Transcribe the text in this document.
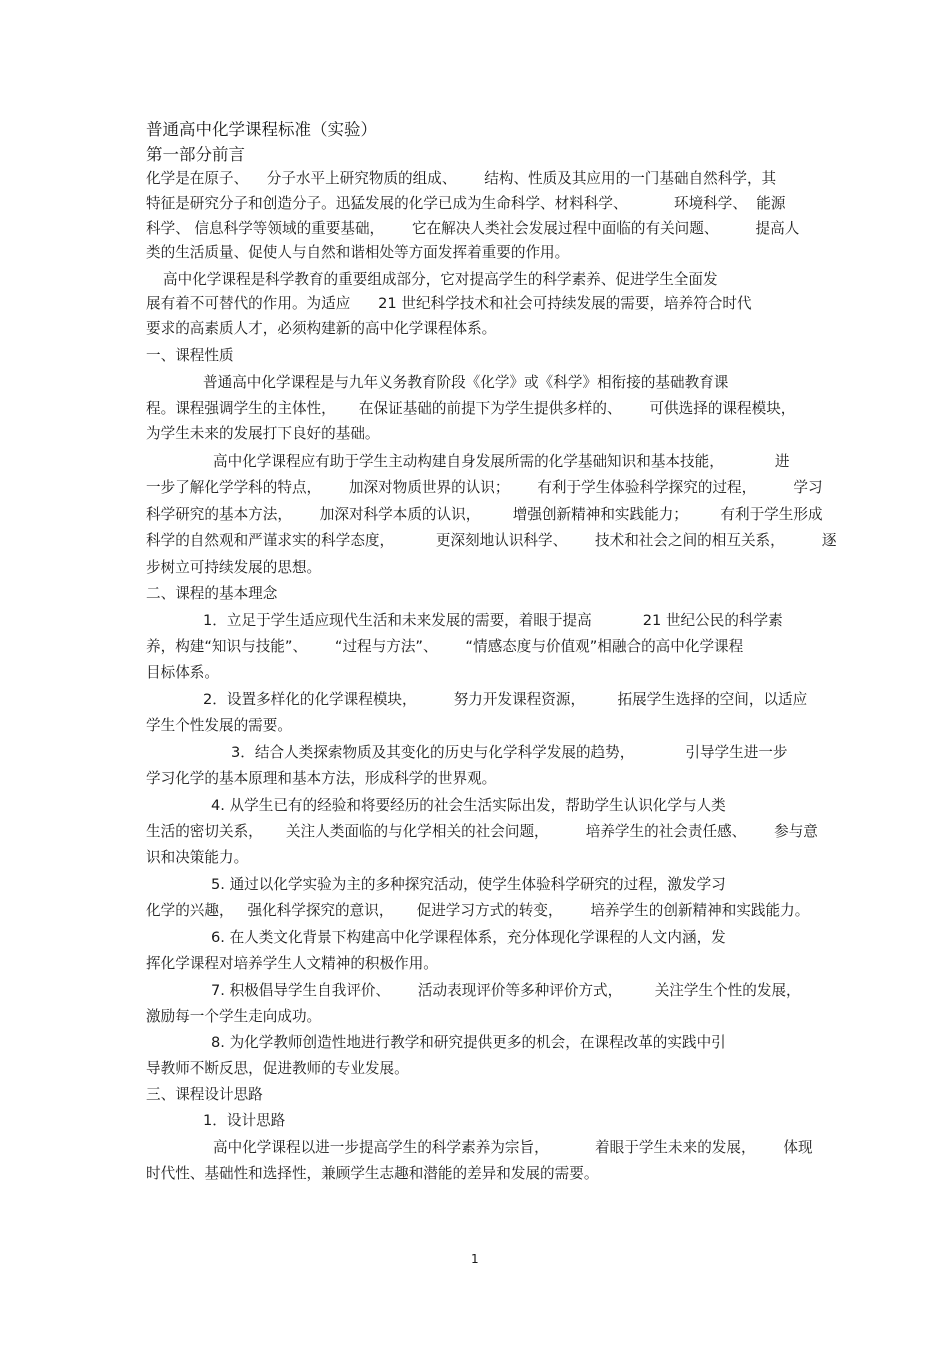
普通高中化学课程标准（实验）
第一部分前言
化学是在原子、    分子水平上研究物质的组成、      结构、性质及其应用的一门基础自然科学，其
特征是研究分子和创造分子。迅猛发展的化学已成为生命科学、材料科学、          环境科学、  能源
科学、 信息科学等领域的重要基础，      它在解决人类社会发展过程中面临的有关问题、        提高人
类的生活质量、促使人与自然和谐相处等方面发挥着重要的作用。
高中化学课程是科学教育的重要组成部分，它对提高学生的科学素养、促进学生全面发
展有着不可替代的作用。为适应      21 世纪科学技术和社会可持续发展的需要，培养符合时代
要求的高素质人才，必须构建新的高中化学课程体系。
一、课程性质
普通高中化学课程是与九年义务教育阶段《化学》或《科学》相衔接的基础教育课
程。课程强调学生的主体性，     在保证基础的前提下为学生提供多样的、      可供选择的课程模块，
为学生未来的发展打下良好的基础。
高中化学课程应有助于学生主动构建自身发展所需的化学基础知识和基本技能，           进
一步了解化学学科的特点，      加深对物质世界的认识；      有利于学生体验科学探究的过程，        学习
科学研究的基本方法，      加深对科学本质的认识，       增强创新精神和实践能力；       有利于学生形成
科学的自然观和严谨求实的科学态度，         更深刻地认识科学、      技术和社会之间的相互关系，        逐
步树立可持续发展的思想。
二、课程的基本理念
1．立足于学生适应现代生活和未来发展的需要，着眼于提高           21 世纪公民的科学素
养，构建“知识与技能”、      “过程与方法”、      “情感态度与价值观”相融合的高中化学课程
目标体系。
2．设置多样化的化学课程模块，        努力开发课程资源，       拓展学生选择的空间，以适应
学生个性发展的需要。
3．结合人类探索物质及其变化的历史与化学科学发展的趋势，           引导学生进一步
学习化学的基本原理和基本方法，形成科学的世界观。
4. 从学生已有的经验和将要经历的社会生活实际出发，帮助学生认识化学与人类
生活的密切关系，     关注人类面临的与化学相关的社会问题，        培养学生的社会责任感、      参与意
识和决策能力。
5. 通过以化学实验为主的多种探究活动，使学生体验科学研究的过程，激发学习
化学的兴趣，   强化科学探究的意识，     促进学习方式的转变，      培养学生的创新精神和实践能力。
6. 在人类文化背景下构建高中化学课程体系，充分体现化学课程的人文内涵，发
挥化学课程对培养学生人文精神的积极作用。
7. 积极倡导学生自我评价、      活动表现评价等多种评价方式，       关注学生个性的发展，
激励每一个学生走向成功。
8. 为化学教师创造性地进行教学和研究提供更多的机会，在课程改革的实践中引
导教师不断反思，促进教师的专业发展。
三、课程设计思路
1．设计思路
高中化学课程以进一步提高学生的科学素养为宗旨，          着眼于学生未来的发展，      体现
时代性、基础性和选择性，兼顾学生志趣和潜能的差异和发展的需要。
1
